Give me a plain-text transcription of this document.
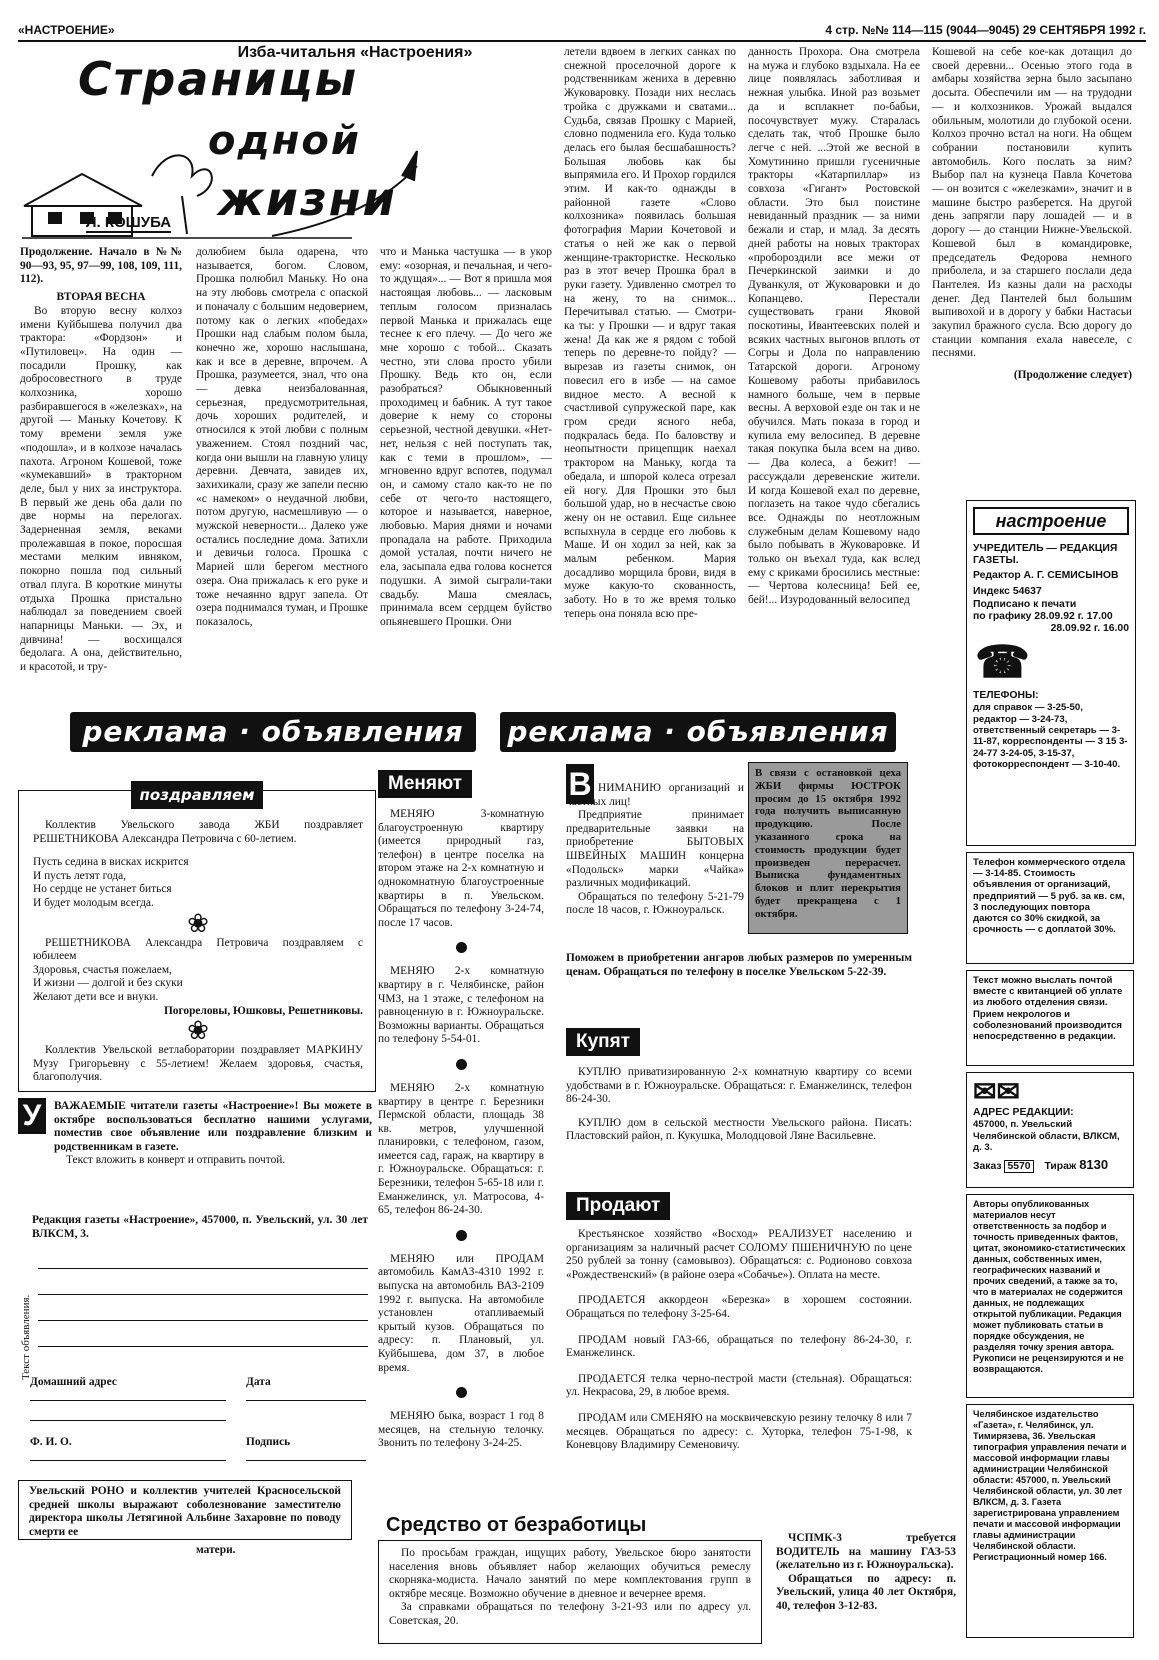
«НАСТРОЕНИЕ»	4 стр. №№ 114—115 (9044—9045) 29 СЕНТЯБРЯ 1992 г.
Изба-читальня «Настроения»
Страницы
одной
жизни
Л. КОШУБА

Продолжение. Начало в №№ 90—93, 95, 97—99, 108, 109, 111, 112).

ВТОРАЯ ВЕСНА

Во вторую весну колхоз имени Куйбышева получил два трактора: «Фордзон» и «Путиловец». На один — посадили Прошку, как добросовестного в труде колхозника, хорошо разбиравшегося в «железках», на другой — Маньку Кочетову. К тому времени земля уже «подошла», и в колхозе началась пахота. Агроном Кошевой, тоже «кумекавший» в тракторном деле, был у них за инструктора. В первый же день оба дали по две нормы на перелогах. Задерненная земля, веками пролежавшая в покое, поросшая местами мелким ивняком, покорно пошла под сильный отвал плуга. В короткие минуты отдыха Прошка пристально наблюдал за поведением своей напарницы Маньки. — Эх, и дивчина! — восхищался бедолага. А она, действительно, и красотой, и тру-

долюбием была одарена, что называется, богом. Словом, Прошка полюбил Маньку. Но она на эту любовь смотрела с опаской и поначалу с большим недоверием, потому как о легких «победах» Прошки над слабым полом была, конечно же, хорошо наслышана, как и все в деревне, впрочем. А Прошка, разумеется, знал, что она — девка неизбалованная, серьезная, предусмотрительная, дочь хороших родителей, и относился к этой любви с полным уважением. Стоял поздний час, когда они вышли на главную улицу деревни. Девчата, завидев их, захихикали, сразу же запели песню «с намеком» о неудачной любви, потом другую, насмешливую — о мужской неверности... Далеко уже остались последние дома. Затихли и девичьи голоса. Прошка с Марией шли берегом местного озера. Она прижалась к его руке и тоже нечаянно вдруг запела. От озера поднимался туман, и Прошке показалось,

что и Манька частушка — в укор ему: «озорная, и печальная, и чего-то ждущая»... — Вот я пришла моя настоящая любовь... — ласковым теплым голосом призналась первой Манька и прижалась еще теснее к его плечу. — До чего же мне хорошо с тобой... Сказать честно, эти слова просто убили Прошку. Ведь кто он, если разобраться? Обыкновенный проходимец и бабник. А тут такое доверие к нему со стороны серьезной, честной девушки. «Нет-нет, нельзя с ней поступать так, как с теми в прошлом», — мгновенно вдруг вспотев, подумал он, и самому стало как-то не по себе от чего-то настоящего, которое и называется, наверное, любовью. Мария днями и ночами пропадала на работе. Приходила домой усталая, почти ничего не ела, засыпала едва голова коснется подушки. А зимой сыграли-таки свадьбу. Маша смеялась, принимала всем сердцем буйство опьяневшего Прошки. Они

летели вдвоем в легких санках по снежной проселочной дороге к родственникам жениха в деревню Жуковаровку. Позади них неслась тройка с дружками и сватами... Судьба, связав Прошку с Марией, словно подменила его. Куда только делась его былая бесшабашность? Большая любовь как бы выпрямила его. И Прохор гордился этим. И как-то однажды в районной газете «Слово колхозника» появилась большая фотография Марии Кочетовой и статья о ней же как о первой женщине-трактористке. Несколько раз в этот вечер Прошка брал в руки газету. Удивленно смотрел то на жену, то на снимок... Перечитывал статью. — Смотри-ка ты: у Прошки — и вдруг такая жена! Да как же я рядом с тобой теперь по деревне-то пойду? — вырезав из газеты снимок, он повесил его в избе — на самое видное место. А весной к счастливой супружеской паре, как гром среди ясного неба, подкралась беда. По баловству и неопытности прицепщик наехал трактором на Маньку, когда та обедала, и шпорой колеса отрезал ей ногу. Для Прошки это был большой удар, но в несчастье свою жену он не оставил. Еще сильнее вспыхнула в сердце его любовь к Маше. И он ходил за ней, как за малым ребенком. Мария досадливо морщила брови, видя в муже какую-то скованность, заботу. Но в то же время только теперь она поняла всю пре-

данность Прохора. Она смотрела на мужа и глубоко вздыхала. На ее лице появлялась заботливая и нежная улыбка. Иной раз возьмет да и всплакнет по-бабьи, посочувствует мужу. Старалась сделать так, чтоб Прошке было легче с ней. ...Этой же весной в Хомутинино пришли гусеничные тракторы «Катарпиллар» из совхоза «Гигант» Ростовской области. Это был поистине невиданный праздник — за ними бежали и стар, и млад. За десять дней работы на новых тракторах «пробороздили все межи от Печеркинской заимки и до Дуванкуля, от Жуковаровки и до Копанцево. Перестали существовать грани Яковой поскотины, Ивантеевских полей и всяких частных выгонов вплоть от Согры и Дола по направлению Татарской дороги. Агроному Кошевому работы прибавилось намного больше, чем в первые весны. А верховой езде он так и не обучился. Мать показа в город и купила ему велосипед. В деревне такая покупка была всем на диво. — Два колеса, а бежит! — рассуждали деревенские жители. И когда Кошевой ехал по деревне, поглазеть на такое чудо сбегались все. Однажды по неотложным служебным делам Кошевому надо было побывать в Жуковаровке. И только он въехал туда, как вслед ему с криками бросились местные: — Чертова колесница! Бей ее, бей!... Изуродованный велосипед

Кошевой на себе кое-как дотащил до своей деревни... Осенью этого года в амбары хозяйства зерна было засыпано досыта. Обеспечили им — на трудодни — и колхозников. Урожай выдался обильным, молотили до глубокой осени. Колхоз прочно встал на ноги. На общем собрании постановили купить автомобиль. Кого послать за ним? Выбор пал на кузнеца Павла Кочетова — он возится с «железками», значит и в машине быстро разберется. На другой день запрягли пару лошадей — и в дорогу — до станции Нижне-Увельской. Кошевой был в командировке, председатель Федорова немного приболела, и за старшего послали деда Пантелея. Из казны дали на расходы денег. Дед Пантелей был большим выпивохой и в дорогу у бабки Настасьи закупил бражного сусла. Всю дорогу до станции компания ехала навеселе, с песнями.

(Продолжение следует)

настроение
УЧРЕДИТЕЛЬ — РЕДАКЦИЯ ГАЗЕТЫ.
Редактор А. Г. СЕМИСЫНОВ
Индекс 54637
Подписано к печати
по графику 28.09.92 г. 17.00
28.09.92 г. 16.00
☎
ТЕЛЕФОНЫ:
для справок — 3-25-50, редактор — 3-24-73, ответственный секретарь — 3-11-87, корреспонденты — 3 15 3-24-77 3-24-05, 3-15-37, фотокорреспондент — 3-10-40.
Телефон коммерческого отдела — 3-14-85. Стоимость объявления от организаций, предприятий — 5 руб. за кв. см, 3 последующих повтора даются со 30% скидкой, за срочность — с доплатой 30%.
Текст можно выслать почтой вместе с квитанцией об уплате из любого отделения связи. Прием некрологов и соболезнований производится непосредственно в редакции.
✉✉
АДРЕС РЕДАКЦИИ:
457000, п. Увельский Челябинской области, ВЛКСМ, д. 3.
Заказ 5570 Тираж 8130
Авторы опубликованных материалов несут ответственность за подбор и точность приведенных фактов, цитат, экономико-статистических данных, собственных имен, географических названий и прочих сведений, а также за то, что в материалах не содержится данных, не подлежащих открытой публикации. Редакция может публиковать статьи в порядке обсуждения, не разделяя точку зрения автора. Рукописи не рецензируются и не возвращаются.
Челябинское издательство «Газета», г. Челябинск, ул. Тимирязева, 36. Увельская типография управления печати и массовой информации главы администрации Челябинской области: 457000, п. Увельский Челябинской области, ул. 30 лет ВЛКСМ, д. 3. Газета зарегистрирована управлением печати и массовой информации главы администрации Челябинской области. Регистрационный номер 166.
реклама · объявления	реклама · объявления
поздравляем

Коллектив Увельского завода ЖБИ поздравляет РЕШЕТНИКОВА Александра Петровича с 60-летием.

Пусть седина в висках искрится
И пусть летят года,
Но сердце не устанет биться
И будет молодым всегда.
❀

РЕШЕТНИКОВА Александра Петровича поздравляем с юбилеем

Здоровья, счастья пожелаем,
И жизни — долгой и без скуки
Желают дети все и внуки.
Погореловы, Юшковы, Решетниковы.
❀

Коллектив Увельской ветлаборатории поздравляет МАРКИНУ Музу Григорьевну с 55-летием! Желаем здоровья, счастья, благополучия.

У	ВАЖАЕМЫЕ читатели газеты «Настроение»! Вы можете в октябре воспользоваться бесплатно нашими услугами, поместив свое объявление или поздравление близким и родственникам в газете.

Текст вложить в конверт и отправить почтой.

Редакция газеты «Настроение», 457000, п. Увельский, ул. 30 лет ВЛКСМ, 3.
Текст объявления.
Домашний адрес	Дата
Ф. И. О.	Подпись
Увельский РОНО и коллектив учителей Красносельской средней школы выражают соболезнование заместителю директора школы Летягиной Альбине Захаровне по поводу смерти ее
матери.
Меняют

МЕНЯЮ 3-комнатную благоустроенную квартиру (имеется природный газ, телефон) в центре поселка на втором этаже на 2-х комнатную и однокомнатную благоустроенные квартиры в п. Увельском. Обращаться по телефону 3-24-74, после 17 часов.

МЕНЯЮ 2-х комнатную квартиру в г. Челябинске, район ЧМЗ, на 1 этаже, с телефоном на равноценную в г. Южноуральске. Возможны варианты. Обращаться по телефону 5-54-01.

МЕНЯЮ 2-х комнатную квартиру в центре г. Березники Пермской области, площадь 38 кв. метров, улучшенной планировки, с телефоном, газом, имеется сад, гараж, на квартиру в г. Южноуральске. Обращаться: г. Березники, телефон 5-65-18 или г. Еманжелинск, ул. Матросова, 4-65, телефон 86-24-30.

МЕНЯЮ или ПРОДАМ автомобиль КамАЗ-4310 1992 г. выпуска на автомобиль ВАЗ-2109 1992 г. выпуска. На автомобиле установлен отапливаемый крытый кузов. Обращаться по адресу: п. Плановый, ул. Куйбышева, дом 37, в любое время.

МЕНЯЮ быка, возраст 1 год 8 месяцев, на стельную телочку. Звонить по телефону 3-24-25.

В НИМАНИЮ организаций и частных лиц!

Предприятие принимает предварительные заявки на приобретение БЫТОВЫХ ШВЕЙНЫХ МАШИН концерна «Подольск» марки «Чайка» различных модификаций.

Обращаться по телефону 5-21-79 после 18 часов, г. Южноуральск.

В связи с остановкой цеха ЖБИ фирмы ЮСТРОК просим до 15 октября 1992 года получить выписанную продукцию. После указанного срока на стоимость продукции будет произведен перерасчет. Выписка фундаментных блоков и плит перекрытия будет прекращена с 1 октября.
Поможем в приобретении ангаров любых размеров по умеренным ценам. Обращаться по телефону в поселке Увельском 5-22-39.
Купят

КУПЛЮ приватизированную 2-х комнатную квартиру со всеми удобствами в г. Южноуральске. Обращаться: г. Еманжелинск, телефон 86-24-30.

КУПЛЮ дом в сельской местности Увельского района. Писать: Пластовский район, п. Кукушка, Молодцовой Ляне Васильевне.

Продают

Крестьянское хозяйство «Восход» РЕАЛИЗУЕТ населению и организациям за наличный расчет СОЛОМУ ПШЕНИЧНУЮ по цене 250 рублей за тонну (самовывоз). Обращаться: с. Родионово совхоза «Рождественский» (в районе озера «Собачье»). Оплата на месте.

ПРОДАЕТСЯ аккордеон «Березка» в хорошем состоянии. Обращаться по телефону 3-25-64.

ПРОДАМ новый ГАЗ-66, обращаться по телефону 86-24-30, г. Еманжелинск.

ПРОДАЕТСЯ телка черно-пестрой масти (стельная). Обращаться: ул. Некрасова, 29, в любое время.

ПРОДАМ или СМЕНЯЮ на москвичевскую резину телочку 8 или 7 месяцев. Обращаться по адресу: с. Хуторка, телефон 75-1-98, к Коневцову Владимиру Семеновичу.

Средство от безработицы

По просьбам граждан, ищущих работу, Увельское бюро занятости населения вновь объявляет набор желающих обучиться ремеслу скорняка-модиста. Начало занятий по мере комплектования групп в октябре месяце. Возможно обучение в дневное и вечернее время.

За справками обращаться по телефону 3-21-93 или по адресу ул. Советская, 20.

ЧСПМК-3 требуется ВОДИТЕЛЬ на машину ГАЗ-53 (желательно из г. Южноуральска).

Обращаться по адресу: п. Увельский, улица 40 лет Октября, 40, телефон 3-12-83.
